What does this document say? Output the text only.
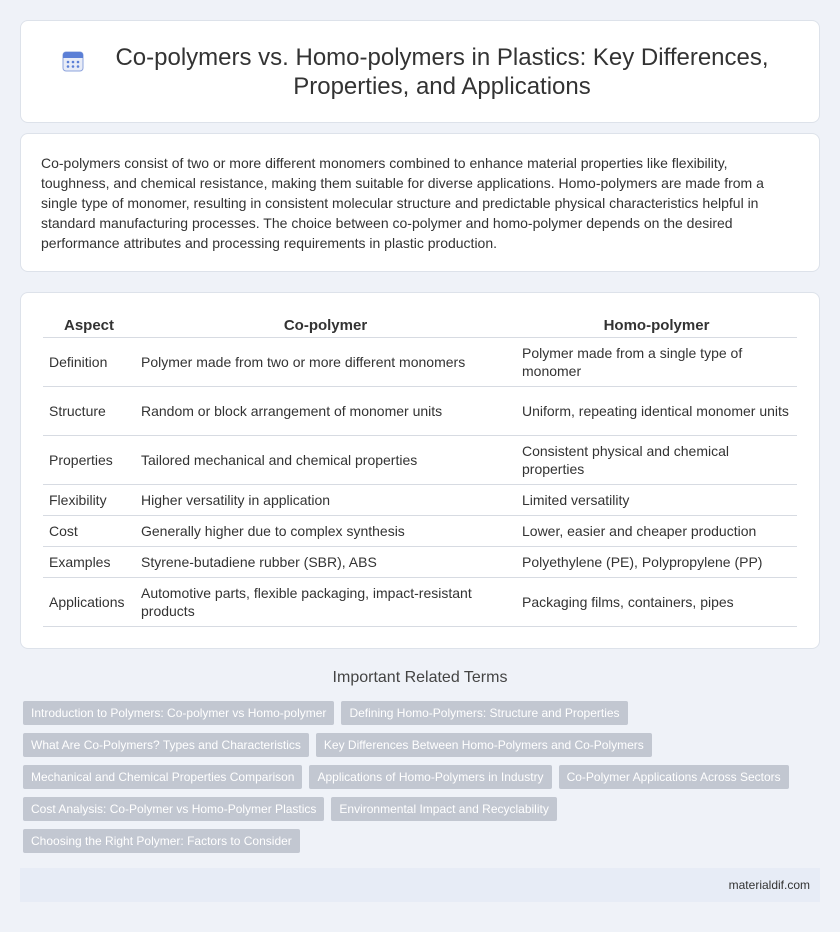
Co-polymers vs. Homo-polymers in Plastics: Key Differences, Properties, and Applications

Co-polymers consist of two or more different monomers combined to enhance material properties like flexibility, toughness, and chemical resistance, making them suitable for diverse applications. Homo-polymers are made from a single type of monomer, resulting in consistent molecular structure and predictable physical characteristics helpful in standard manufacturing processes. The choice between co-polymer and homo-polymer depends on the desired performance attributes and processing requirements in plastic production.

Aspect	Co-polymer	Homo-polymer
Definition	Polymer made from two or more different monomers	Polymer made from a single type of monomer
Structure	Random or block arrangement of monomer units	Uniform, repeating identical monomer units
Properties	Tailored mechanical and chemical properties	Consistent physical and chemical properties
Flexibility	Higher versatility in application	Limited versatility
Cost	Generally higher due to complex synthesis	Lower, easier and cheaper production
Examples	Styrene-butadiene rubber (SBR), ABS	Polyethylene (PE), Polypropylene (PP)
Applications	Automotive parts, flexible packaging, impact-resistant products	Packaging films, containers, pipes
Important Related Terms
Introduction to Polymers: Co-polymer vs Homo-polymer	Defining Homo-Polymers: Structure and Properties
What Are Co-Polymers? Types and Characteristics	Key Differences Between Homo-Polymers and Co-Polymers
Mechanical and Chemical Properties Comparison	Applications of Homo-Polymers in Industry	Co-Polymer Applications Across Sectors
Cost Analysis: Co-Polymer vs Homo-Polymer Plastics	Environmental Impact and Recyclability
Choosing the Right Polymer: Factors to Consider
materialdif.com
